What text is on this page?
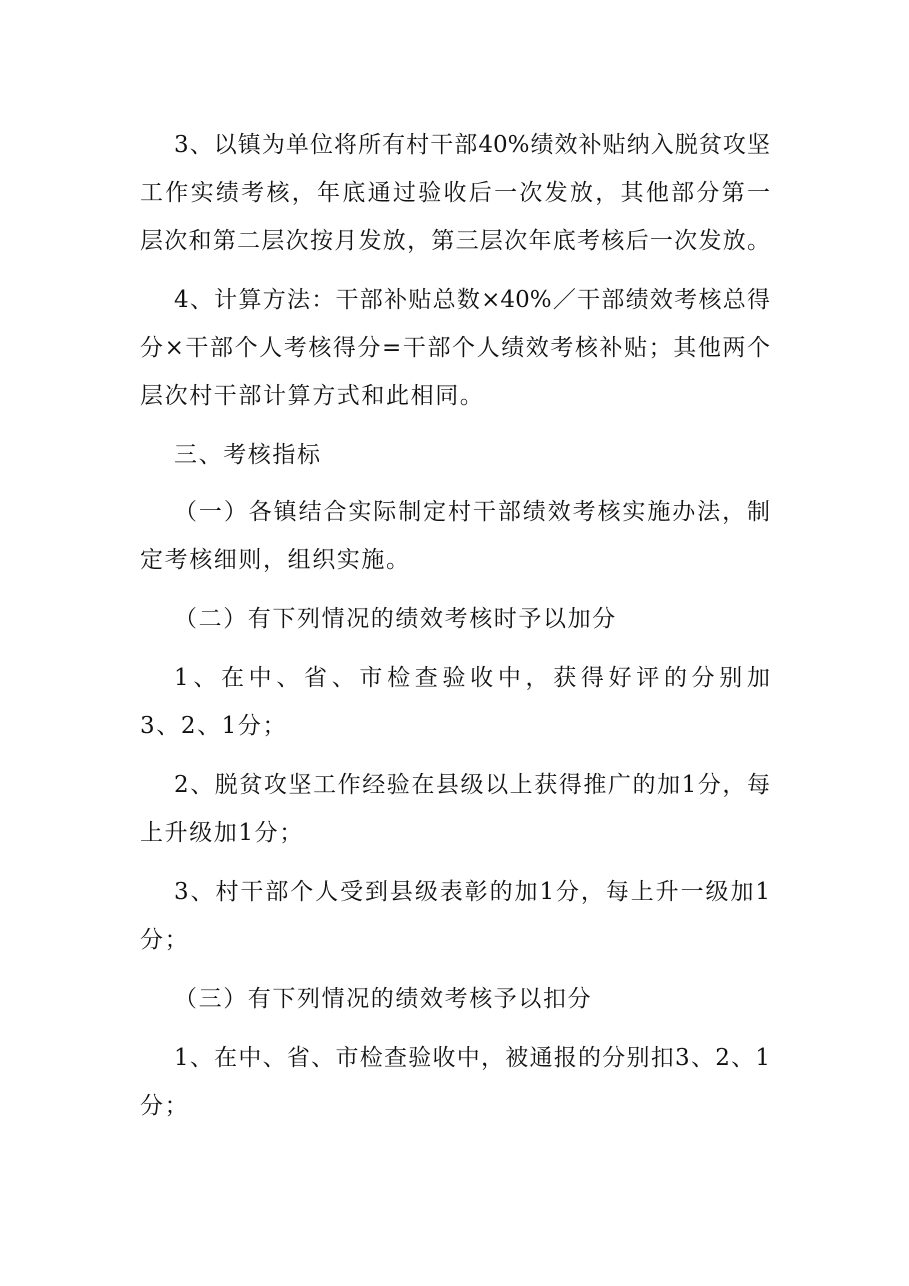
3、以镇为单位将所有村干部40%绩效补贴纳入脱贫攻坚

工作实绩考核，年底通过验收后一次发放，其他部分第一

层次和第二层次按月发放，第三层次年底考核后一次发放。

4、计算方法：干部补贴总数×40%／干部绩效考核总得

分×干部个人考核得分=干部个人绩效考核补贴；其他两个

层次村干部计算方式和此相同。

三、考核指标

（一）各镇结合实际制定村干部绩效考核实施办法，制

定考核细则，组织实施。

（二）有下列情况的绩效考核时予以加分

1、在中、省、市检查验收中，获得好评的分别加

3、2、1分；

2、脱贫攻坚工作经验在县级以上获得推广的加1分，每

上升级加1分；

3、村干部个人受到县级表彰的加1分，每上升一级加1

分；

（三）有下列情况的绩效考核予以扣分

1、在中、省、市检查验收中，被通报的分别扣3、2、1

分；
